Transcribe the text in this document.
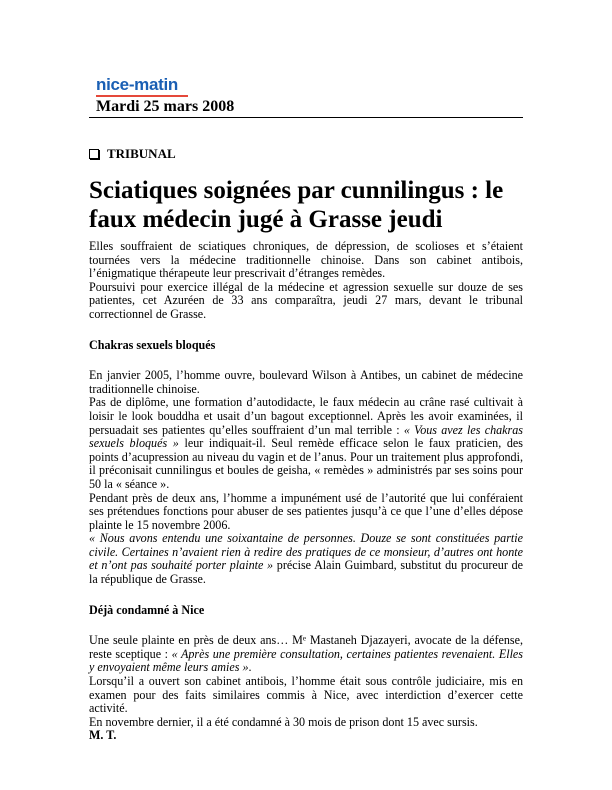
nice-matin
Mardi 25 mars 2008
TRIBUNAL
Sciatiques soignées par cunnilingus : le faux médecin jugé à Grasse jeudi

Elles souffraient de sciatiques chroniques, de dépression, de scolioses et s’étaient tournées vers la médecine traditionnelle chinoise. Dans son cabinet antibois, l’énigmatique thérapeute leur prescrivait d’étranges remèdes.

Poursuivi pour exercice illégal de la médecine et agression sexuelle sur douze de ses patientes, cet Azuréen de 33 ans comparaîtra, jeudi 27 mars, devant le tribunal correctionnel de Grasse.

Chakras sexuels bloqués

En janvier 2005, l’homme ouvre, boulevard Wilson à Antibes, un cabinet de médecine traditionnelle chinoise.

Pas de diplôme, une formation d’autodidacte, le faux médecin au crâne rasé cultivait à loisir le look bouddha et usait d’un bagout exceptionnel. Après les avoir examinées, il persuadait ses patientes qu’elles souffraient d’un mal terrible : « Vous avez les chakras sexuels bloqués » leur indiquait-il. Seul remède efficace selon le faux praticien, des points d’acupression au niveau du vagin et de l’anus. Pour un traitement plus approfondi, il préconisait cunnilingus et boules de geisha, « remèdes » administrés par ses soins pour 50 la « séance ».

Pendant près de deux ans, l’homme a impunément usé de l’autorité que lui conféraient ses prétendues fonctions pour abuser de ses patientes jusqu’à ce que l’une d’elles dépose plainte le 15 novembre 2006.

« Nous avons entendu une soixantaine de personnes. Douze se sont constituées partie civile. Certaines n’avaient rien à redire des pratiques de ce monsieur, d’autres ont honte et n’ont pas souhaité porter plainte » précise Alain Guimbard, substitut du procureur de la république de Grasse.

Déjà condamné à Nice

Une seule plainte en près de deux ans… Mᵉ Mastaneh Djazayeri, avocate de la défense, reste sceptique : « Après une première consultation, certaines patientes revenaient. Elles y envoyaient même leurs amies ».

Lorsqu’il a ouvert son cabinet antibois, l’homme était sous contrôle judiciaire, mis en examen pour des faits similaires commis à Nice, avec interdiction d’exercer cette activité.

En novembre dernier, il a été condamné à 30 mois de prison dont 15 avec sursis.

M. T.
